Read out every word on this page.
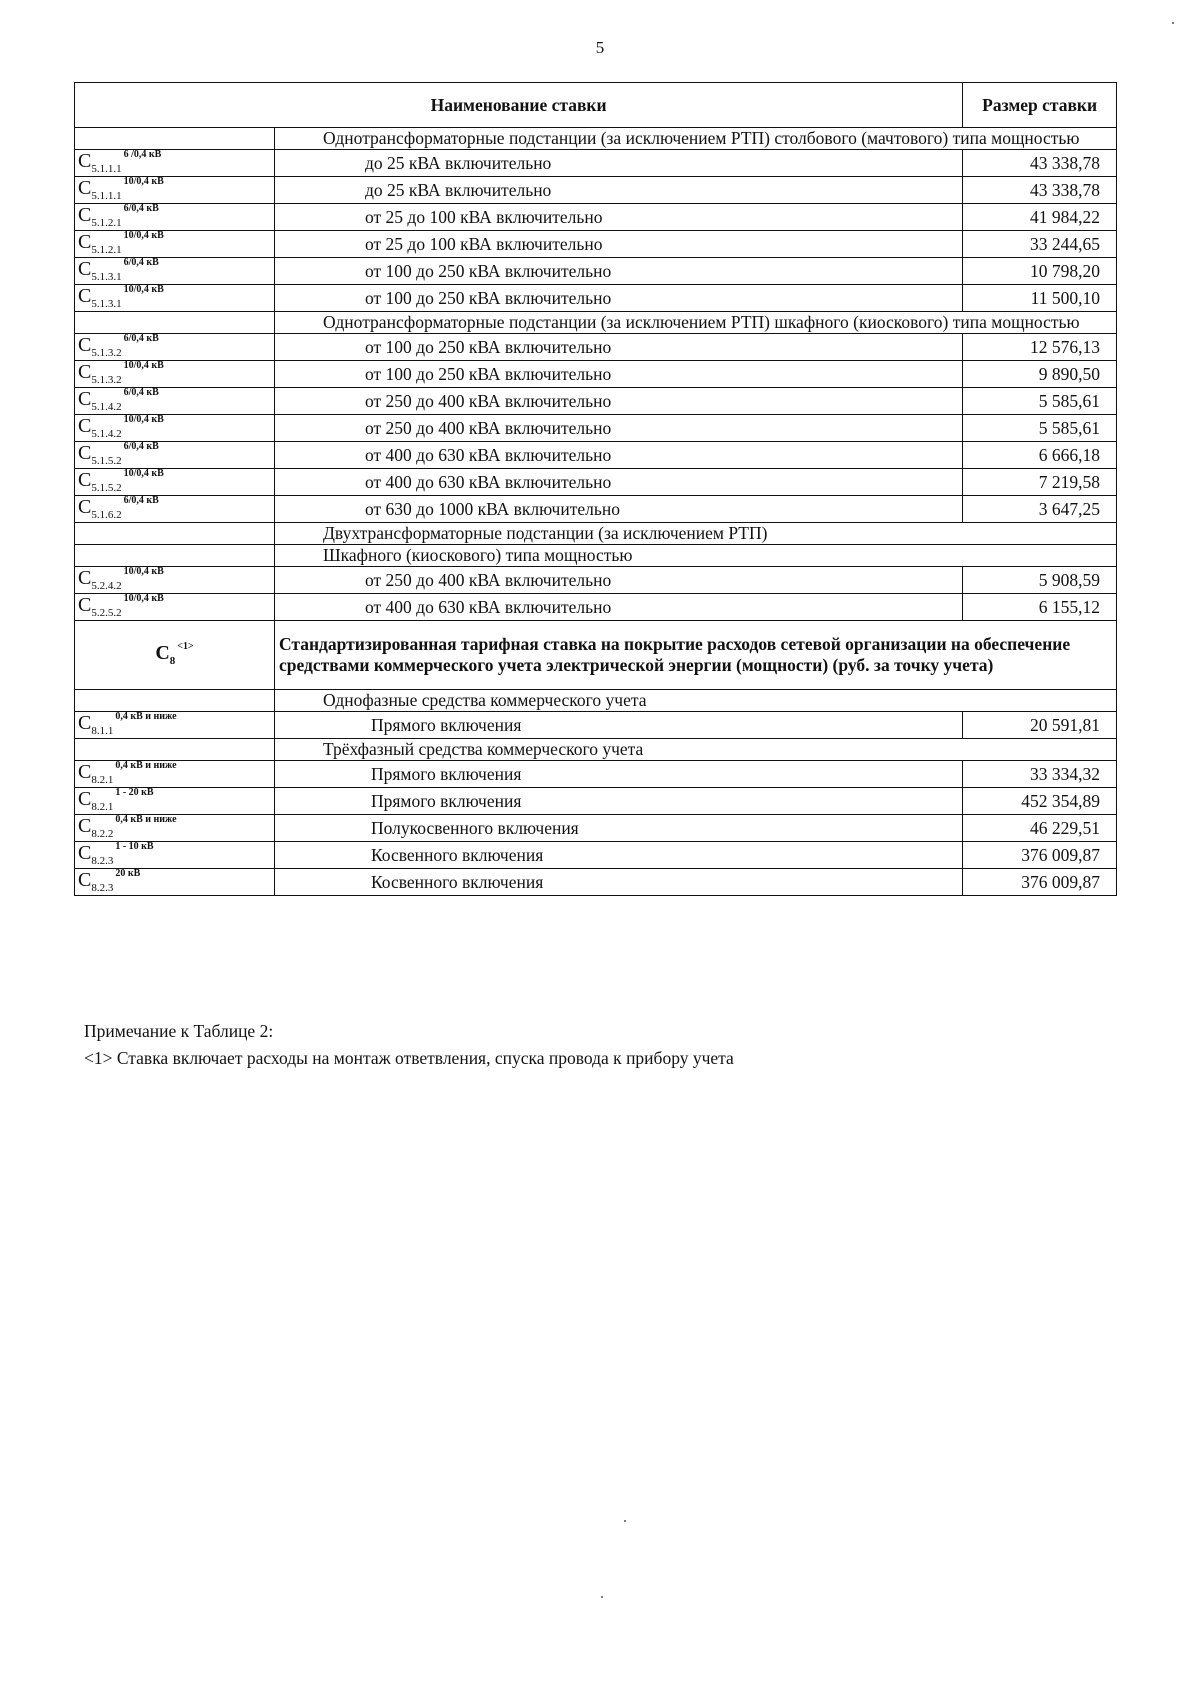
5
Наименование ставки		Размер ставки
	Однотрансформаторные подстанции (за исключением РТП) столбового (мачтового) типа мощностью	
$C_{5.1.1.1}^{6 /0,4 кВ}$	до 25 кВА включительно	43 338,78
$C_{5.1.1.1}^{10/0,4 кВ}$	до 25 кВА включительно	43 338,78
$C_{5.1.2.1}^{6/0,4 кВ}$	от 25 до 100 кВА включительно	41 984,22
$C_{5.1.2.1}^{10/0,4 кВ}$	от 25 до 100 кВА включительно	33 244,65
$C_{5.1.3.1}^{6/0,4 кВ}$	от 100 до 250 кВА включительно	10 798,20
$C_{5.1.3.1}^{10/0,4 кВ}$	от 100 до 250 кВА включительно	11 500,10
	Однотрансформаторные подстанции (за исключением РТП) шкафного (киоскового) типа мощностью	
$C_{5.1.3.2}^{6/0,4 кВ}$	от 100 до 250 кВА включительно	12 576,13
$C_{5.1.3.2}^{10/0,4 кВ}$	от 100 до 250 кВА включительно	9 890,50
$C_{5.1.4.2}^{6/0,4 кВ}$	от 250 до 400 кВА включительно	5 585,61
$C_{5.1.4.2}^{10/0,4 кВ}$	от 250 до 400 кВА включительно	5 585,61
$C_{5.1.5.2}^{6/0,4 кВ}$	от 400 до 630 кВА включительно	6 666,18
$C_{5.1.5.2}^{10/0,4 кВ}$	от 400 до 630 кВА включительно	7 219,58
$C_{5.1.6.2}^{6/0,4 кВ}$	от 630 до 1000 кВА включительно	3 647,25
	Двухтрансформаторные подстанции (за исключением РТП)	
	Шкафного (киоскового) типа мощностью	
$C_{5.2.4.2}^{10/0,4 кВ}$	от 250 до 400 кВА включительно	5 908,59
$C_{5.2.5.2}^{10/0,4 кВ}$	от 400 до 630 кВА включительно	6 155,12
$C_8^{<1>}$	Стандартизированная тарифная ставка на покрытие расходов сетевой организации на обеспечение средствами коммерческого учета электрической энергии (мощности) (руб. за точку учета)	
	Однофазные средства коммерческого учета	
$C_{8.1.1}^{0,4 кВ и ниже}$	Прямого включения	20 591,81
	Трёхфазный средства коммерческого учета	
$C_{8.2.1}^{0,4 кВ и ниже}$	Прямого включения	33 334,32
$C_{8.2.1}^{1 - 20 кВ}$	Прямого включения	452 354,89
$C_{8.2.2}^{0,4 кВ и ниже}$	Полукосвенного включения	46 229,51
$C_{8.2.3}^{1 - 10 кВ}$	Косвенного включения	376 009,87
$C_{8.2.3}^{20 кВ}$	Косвенного включения	376 009,87
Примечание к Таблице 2:
<1> Ставка включает расходы на монтаж ответвления, спуска провода к прибору учета
